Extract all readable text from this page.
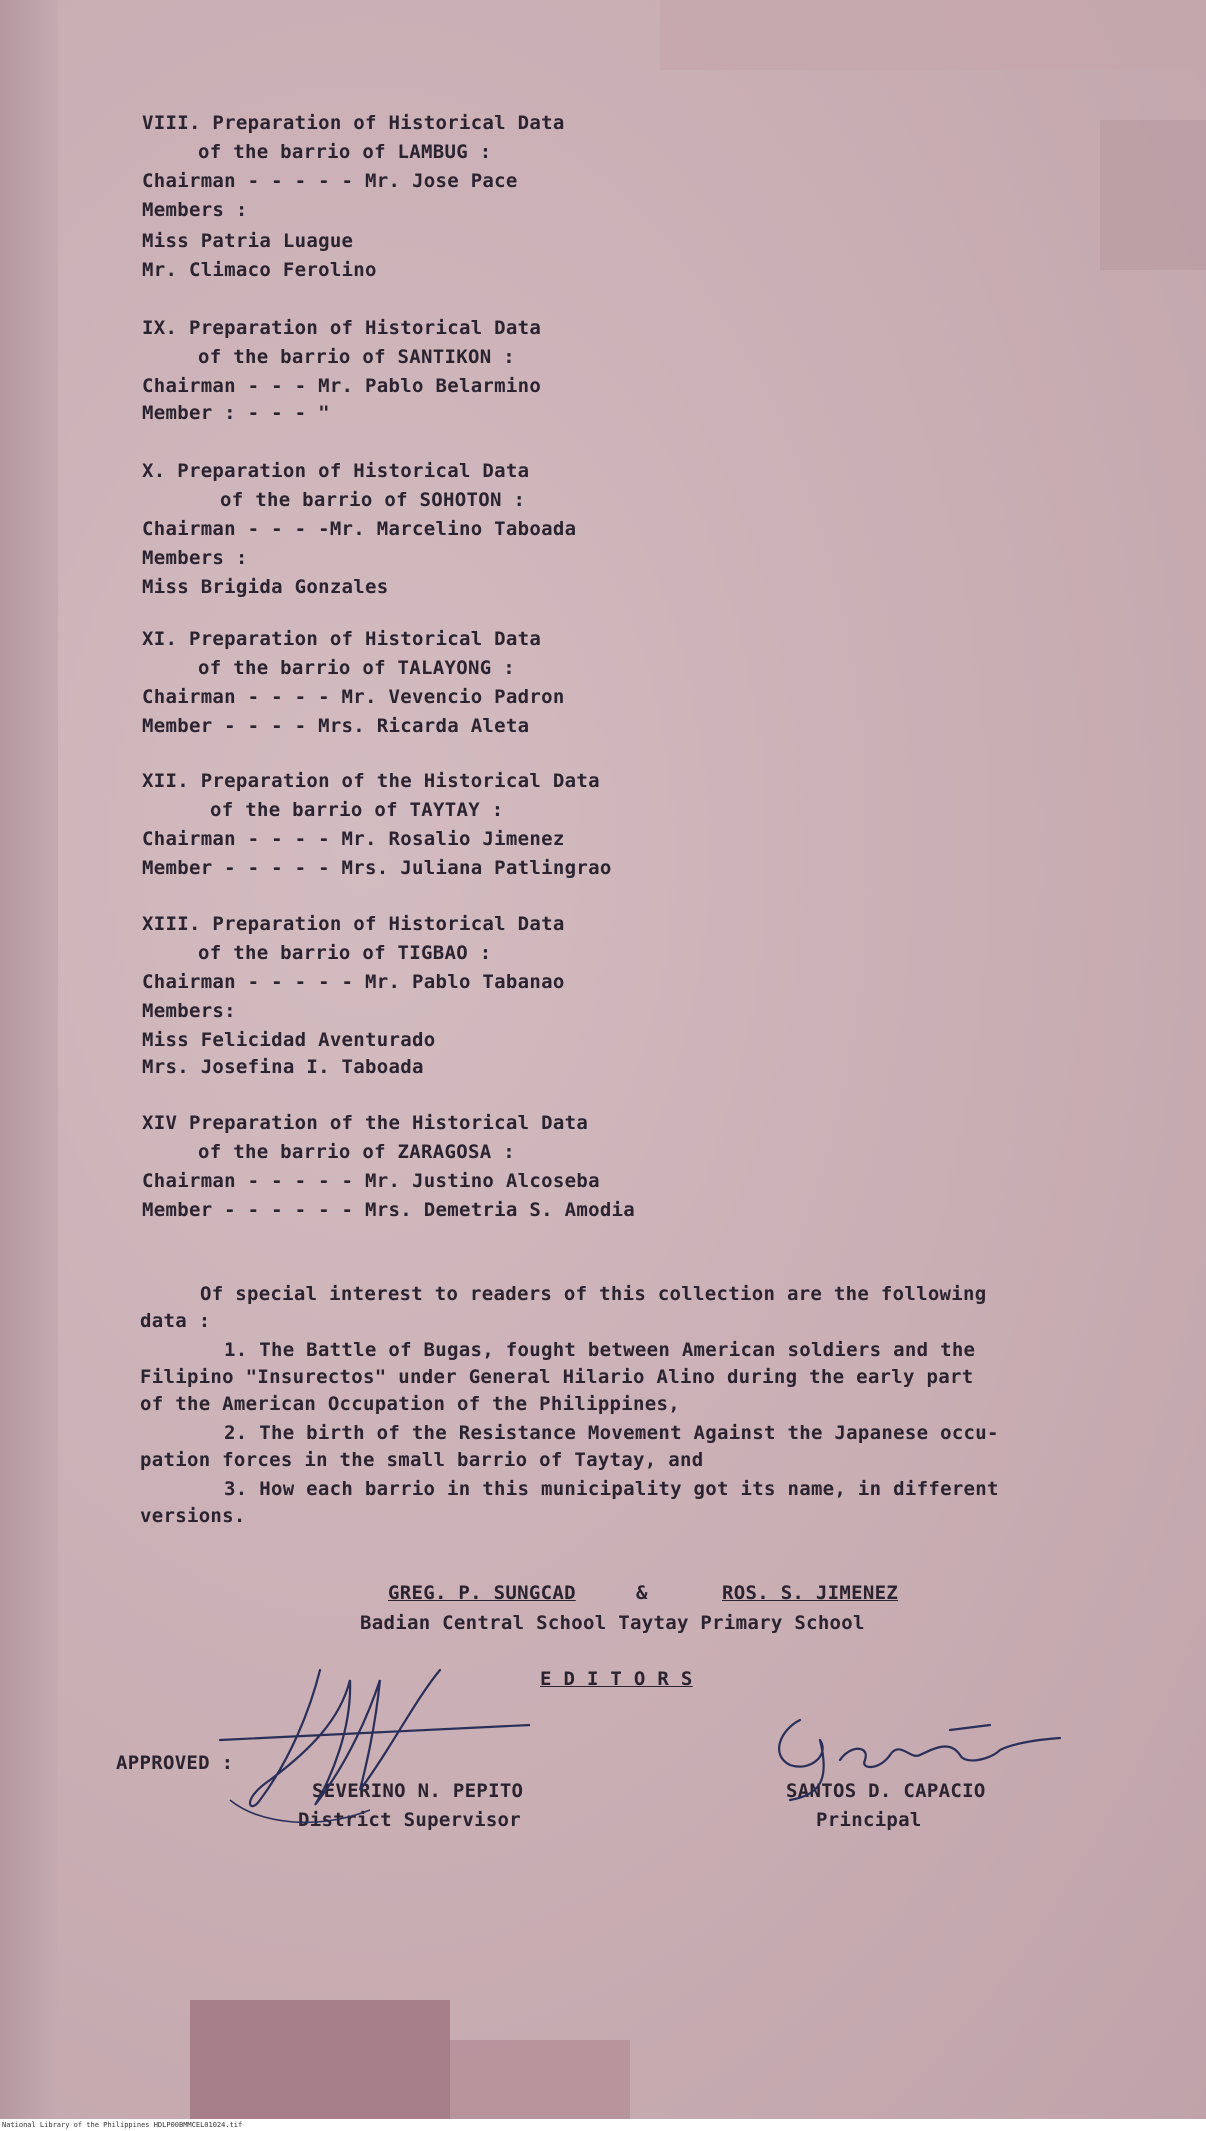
VIII. Preparation of Historical Data

of the barrio of LAMBUG :

Chairman - - - - - Mr. Jose Pace

Members :

Miss Patria Luague

Mr. Climaco Ferolino

IX. Preparation of Historical Data

of the barrio of SANTIKON :

Chairman - - - Mr. Pablo Belarmino

Member : - - - "

X. Preparation of Historical Data

of the barrio of SOHOTON :

Chairman - - - -Mr. Marcelino Taboada

Members :

Miss Brigida Gonzales

XI. Preparation of Historical Data

of the barrio of TALAYONG :

Chairman - - - - Mr. Vevencio Padron

Member - - - - Mrs. Ricarda Aleta

XII. Preparation of the Historical Data

of the barrio of TAYTAY :

Chairman - - - - Mr. Rosalio Jimenez

Member - - - - - Mrs. Juliana Patlingrao

XIII. Preparation of Historical Data

of the barrio of TIGBAO :

Chairman - - - - - Mr. Pablo Tabanao

Members:

Miss Felicidad Aventurado

Mrs. Josefina I. Taboada

XIV Preparation of the Historical Data

of the barrio of ZARAGOSA :

Chairman - - - - - Mr. Justino Alcoseba

Member - - - - - - Mrs. Demetria S. Amodia

Of special interest to readers of this collection are the following

data :

1. The Battle of Bugas, fought between American soldiers and the

Filipino "Insurectos" under General Hilario Alino during the early part

of the American Occupation of the Philippines,

2. The birth of the Resistance Movement Against the Japanese occu-

pation forces in the small barrio of Taytay, and

3. How each barrio in this municipality got its name, in different

versions.

GREG. P. SUNGCAD	&	ROS. S. JIMENEZ

Badian Central School Taytay Primary School

E D I T O R S

APPROVED :

SEVERINO N. PEPITO

District Supervisor

SANTOS D. CAPACIO

Principal

National Library of the Philippines HDLP00BMMCEL01024.tif
